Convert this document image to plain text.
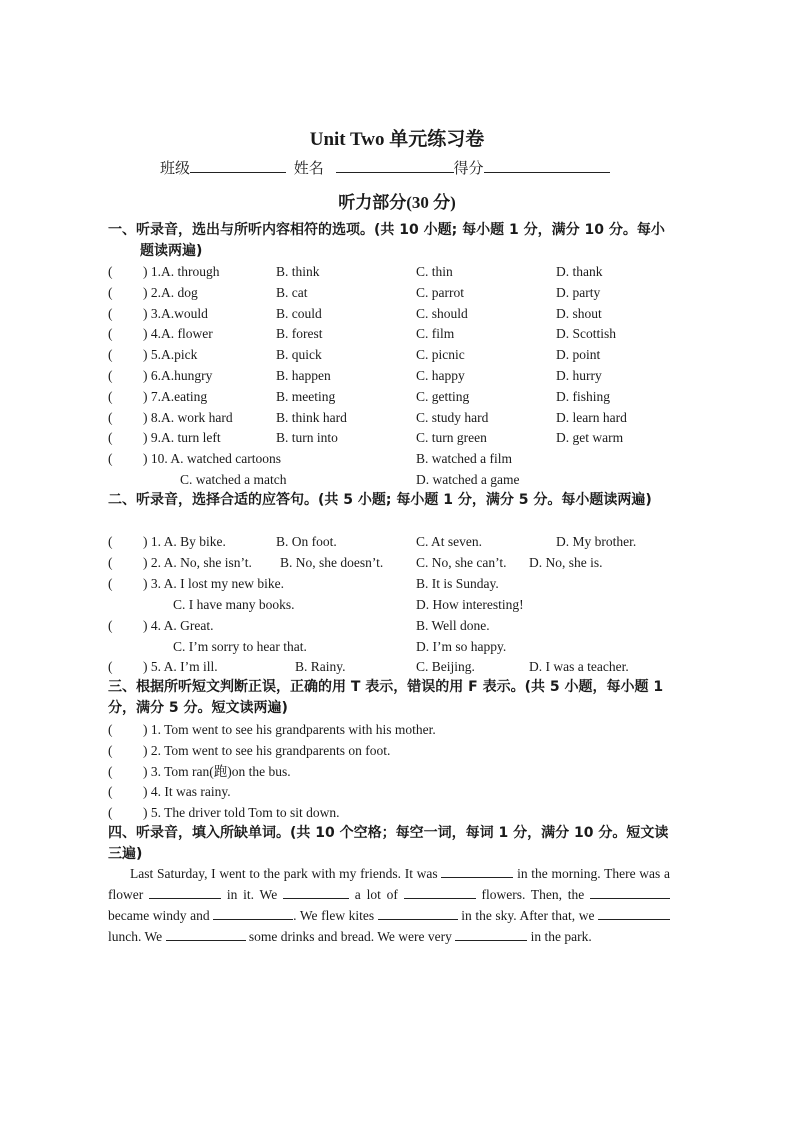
Unit Two 单元练习卷
班级	姓名	得分
听力部分(30 分)
一、听录音，选出与所听内容相符的选项。(共 10 小题; 每小题 1 分，满分 10 分。每小题读两遍)
( ) 1.A. through	B. think	C. thin	D. thank
( ) 2.A. dog	B. cat	C. parrot	D. party
( ) 3.A.would	B. could	C. should	D. shout
( ) 4.A. flower	B. forest	C. film	D. Scottish
( ) 5.A.pick	B. quick	C. picnic	D. point
( ) 6.A.hungry	B. happen	C. happy	D. hurry
( ) 7.A.eating	B. meeting	C. getting	D. fishing
( ) 8.A. work hard	B. think hard	C. study hard	D. learn hard
( ) 9.A. turn left	B. turn into	C. turn green	D. get warm
( ) 10. A. watched cartoons	B. watched a film
C. watched a match	D. watched a game
二、听录音，选择合适的应答句。(共 5 小题; 每小题 1 分，满分 5 分。每小题读两遍)
( ) 1. A. By bike.	B. On foot.	C. At seven.	D. My brother.
( ) 2. A. No, she isn’t. B. No, she doesn’t. C. No, she can’t. D. No, she is.
( ) 3. A. I lost my new bike.	B. It is Sunday.
C. I have many books.	D. How interesting!
( ) 4. A. Great.	B. Well done.
C. I’m sorry to hear that.	D. I’m so happy.
( ) 5. A. I’m ill.	B. Rainy.	C. Beijing.	D. I was a teacher.
三、根据所听短文判断正误，正确的用 T 表示，错误的用 F 表示。(共 5 小题，每小题 1 分，满分 5 分。短文读两遍)
( ) 1. Tom went to see his grandparents with his mother.
( ) 2. Tom went to see his grandparents on foot.
( ) 3. Tom ran(跑)on the bus.
( ) 4. It was rainy.
( ) 5. The driver told Tom to sit down.
四、听录音，填入所缺单词。(共 10 个空格；每空一词，每词 1 分，满分 10 分。短文读三遍)
Last Saturday, I went to the park with my friends. It was	in the morning. There was a flower	in it. We	a lot of	flowers. Then, the  became windy and	. We flew kites	in the sky. After that, we  lunch. We	some drinks and bread. We were very	in the park.
